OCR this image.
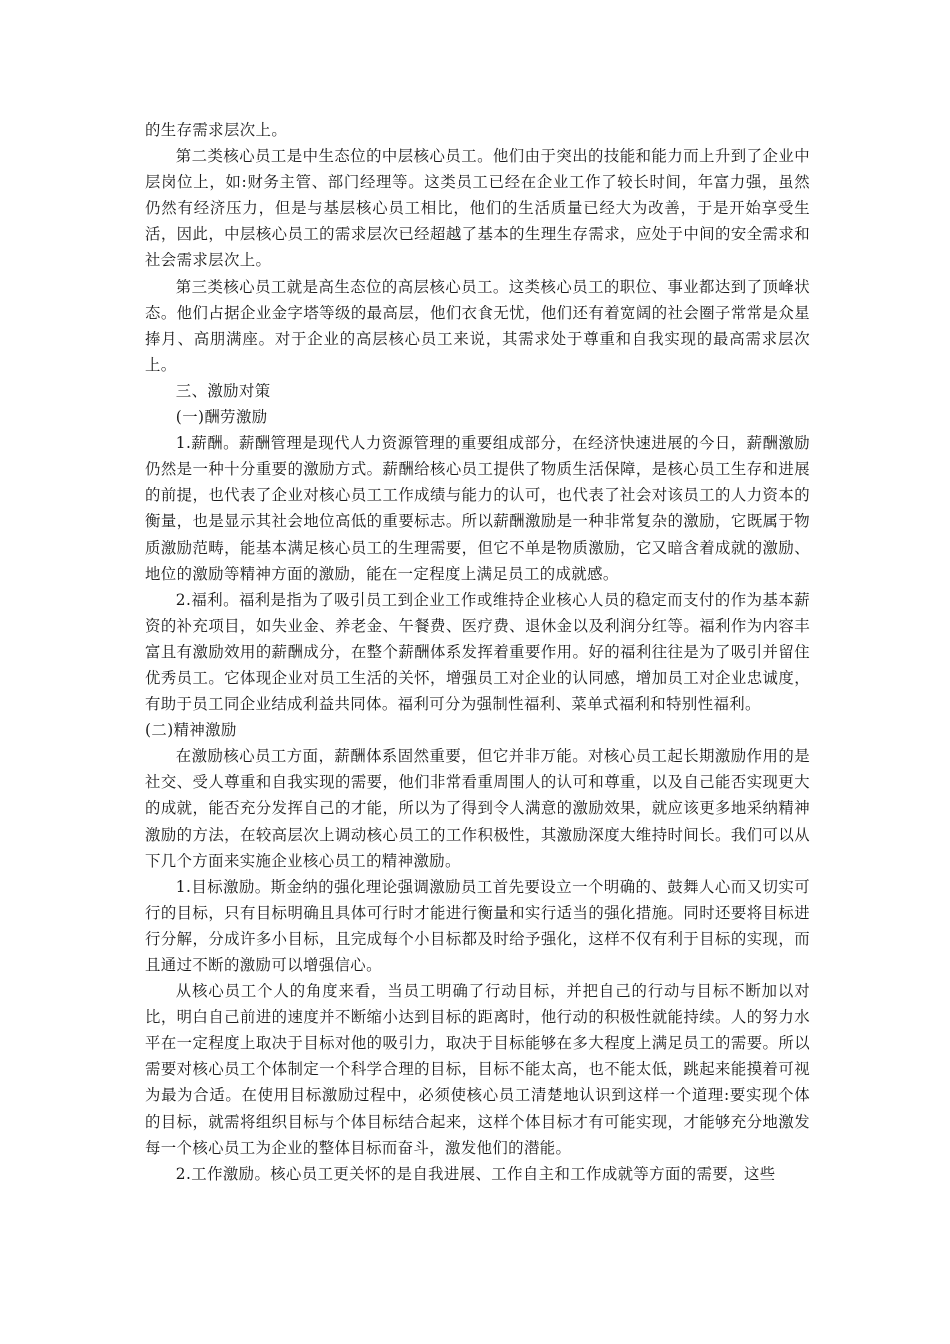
的生存需求层次上。

第二类核心员工是中生态位的中层核心员工。他们由于突出的技能和能力而上升到了企业中层岗位上，如:财务主管、部门经理等。这类员工已经在企业工作了较长时间，年富力强，虽然仍然有经济压力，但是与基层核心员工相比，他们的生活质量已经大为改善，于是开始享受生活，因此，中层核心员工的需求层次已经超越了基本的生理生存需求，应处于中间的安全需求和社会需求层次上。

第三类核心员工就是高生态位的高层核心员工。这类核心员工的职位、事业都达到了顶峰状态。他们占据企业金字塔等级的最高层，他们衣食无忧，他们还有着宽阔的社会圈子常常是众星捧月、高朋满座。对于企业的高层核心员工来说，其需求处于尊重和自我实现的最高需求层次上。

三、激励对策

(一)酬劳激励

1.薪酬。薪酬管理是现代人力资源管理的重要组成部分，在经济快速进展的今日，薪酬激励仍然是一种十分重要的激励方式。薪酬给核心员工提供了物质生活保障，是核心员工生存和进展的前提，也代表了企业对核心员工工作成绩与能力的认可，也代表了社会对该员工的人力资本的衡量，也是显示其社会地位高低的重要标志。所以薪酬激励是一种非常复杂的激励，它既属于物质激励范畴，能基本满足核心员工的生理需要，但它不单是物质激励，它又暗含着成就的激励、地位的激励等精神方面的激励，能在一定程度上满足员工的成就感。

2.福利。福利是指为了吸引员工到企业工作或维持企业核心人员的稳定而支付的作为基本薪资的补充项目，如失业金、养老金、午餐费、医疗费、退休金以及利润分红等。福利作为内容丰富且有激励效用的薪酬成分，在整个薪酬体系发挥着重要作用。好的福利往往是为了吸引并留住优秀员工。它体现企业对员工生活的关怀，增强员工对企业的认同感，增加员工对企业忠诚度，有助于员工同企业结成利益共同体。福利可分为强制性福利、菜单式福利和特别性福利。

(二)精神激励

在激励核心员工方面，薪酬体系固然重要，但它并非万能。对核心员工起长期激励作用的是社交、受人尊重和自我实现的需要，他们非常看重周围人的认可和尊重，以及自己能否实现更大的成就，能否充分发挥自己的才能，所以为了得到令人满意的激励效果，就应该更多地采纳精神激励的方法，在较高层次上调动核心员工的工作积极性，其激励深度大维持时间长。我们可以从下几个方面来实施企业核心员工的精神激励。

1.目标激励。斯金纳的强化理论强调激励员工首先要设立一个明确的、鼓舞人心而又切实可行的目标，只有目标明确且具体可行时才能进行衡量和实行适当的强化措施。同时还要将目标进行分解，分成许多小目标，且完成每个小目标都及时给予强化，这样不仅有利于目标的实现，而且通过不断的激励可以增强信心。

从核心员工个人的角度来看，当员工明确了行动目标，并把自己的行动与目标不断加以对比，明白自己前进的速度并不断缩小达到目标的距离时，他行动的积极性就能持续。人的努力水平在一定程度上取决于目标对他的吸引力，取决于目标能够在多大程度上满足员工的需要。所以需要对核心员工个体制定一个科学合理的目标，目标不能太高，也不能太低，跳起来能摸着可视为最为合适。在使用目标激励过程中，必须使核心员工清楚地认识到这样一个道理:要实现个体的目标，就需将组织目标与个体目标结合起来，这样个体目标才有可能实现，才能够充分地激发每一个核心员工为企业的整体目标而奋斗，激发他们的潜能。

2.工作激励。核心员工更关怀的是自我进展、工作自主和工作成就等方面的需要，这些
